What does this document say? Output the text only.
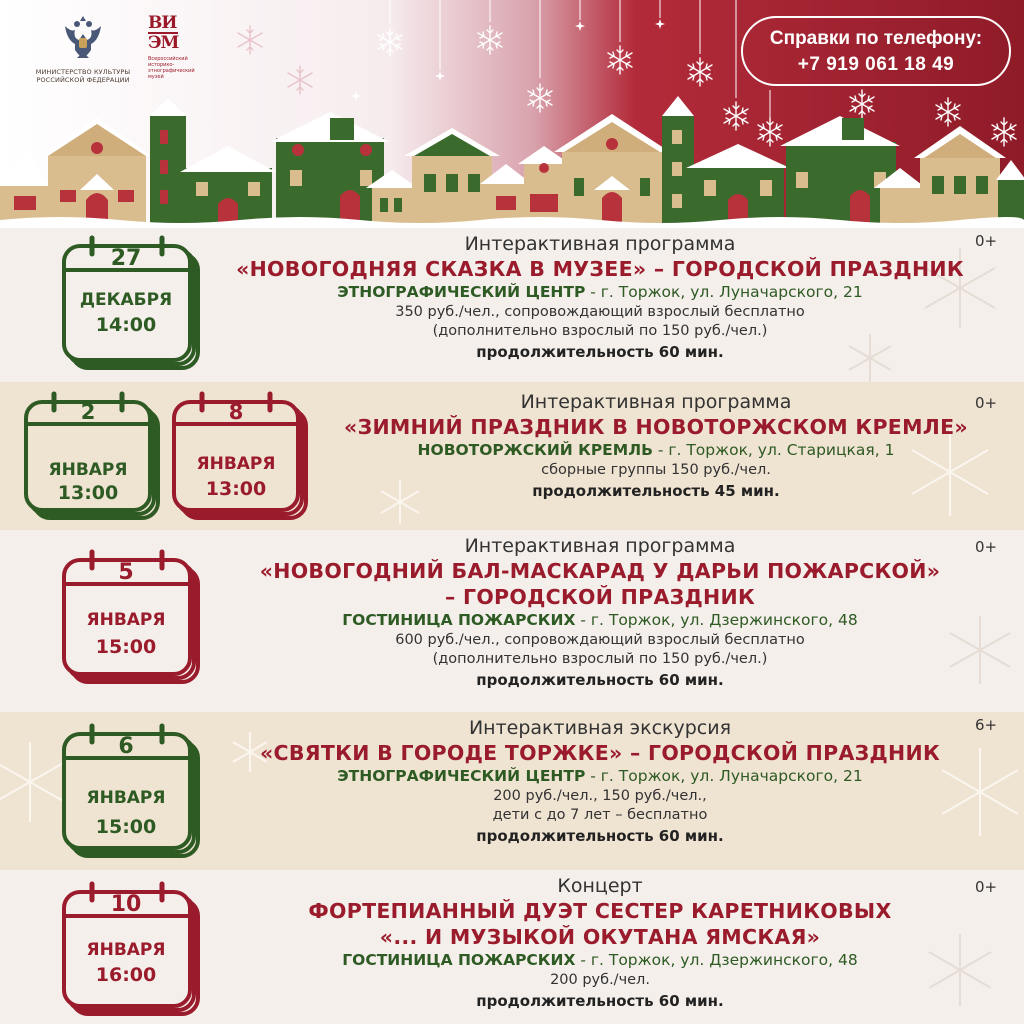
МИНИСТЕРСТВО КУЛЬТУРЫ
РОССИЙСКОЙ ФЕДЕРАЦИИ
ВИ
ЭМ
Всероссийский
историко-
этнографический
музей
Справки по телефону:
+7 919 061 18 49
27
ДЕКАБРЯ
14:00
Интерактивная программа
«НОВОГОДНЯЯ СКАЗКА В МУЗЕЕ» – ГОРОДСКОЙ ПРАЗДНИК
ЭТНОГРАФИЧЕСКИЙ ЦЕНТР - г. Торжок, ул. Луначарского, 21
350 руб./чел., сопровождающий взрослый бесплатно
(дополнительно взрослый по 150 руб./чел.)
продолжительность 60 мин.
0+
2
ЯНВАРЯ
13:00
8
ЯНВАРЯ
13:00
Интерактивная программа
«ЗИМНИЙ ПРАЗДНИК В НОВОТОРЖСКОМ КРЕМЛЕ»
НОВОТОРЖСКИЙ КРЕМЛЬ - г. Торжок, ул. Старицкая, 1
сборные группы 150 руб./чел.
продолжительность 45 мин.
0+
5
ЯНВАРЯ
15:00
Интерактивная программа
«НОВОГОДНИЙ БАЛ-МАСКАРАД У ДАРЬИ ПОЖАРСКОЙ»
– ГОРОДСКОЙ ПРАЗДНИК
ГОСТИНИЦА ПОЖАРСКИХ - г. Торжок, ул. Дзержинского, 48
600 руб./чел., сопровождающий взрослый бесплатно
(дополнительно взрослый по 150 руб./чел.)
продолжительность 60 мин.
0+
6
ЯНВАРЯ
15:00
Интерактивная экскурсия
«СВЯТКИ В ГОРОДЕ ТОРЖКЕ» – ГОРОДСКОЙ ПРАЗДНИК
ЭТНОГРАФИЧЕСКИЙ ЦЕНТР - г. Торжок, ул. Луначарского, 21
200 руб./чел., 150 руб./чел.,
дети с до 7 лет – бесплатно
продолжительность 60 мин.
6+
10
ЯНВАРЯ
16:00
Концерт
ФОРТЕПИАННЫЙ ДУЭТ СЕСТЕР КАРЕТНИКОВЫХ
«... И МУЗЫКОЙ ОКУТАНА ЯМСКАЯ»
ГОСТИНИЦА ПОЖАРСКИХ - г. Торжок, ул. Дзержинского, 48
200 руб./чел.
продолжительность 60 мин.
0+
